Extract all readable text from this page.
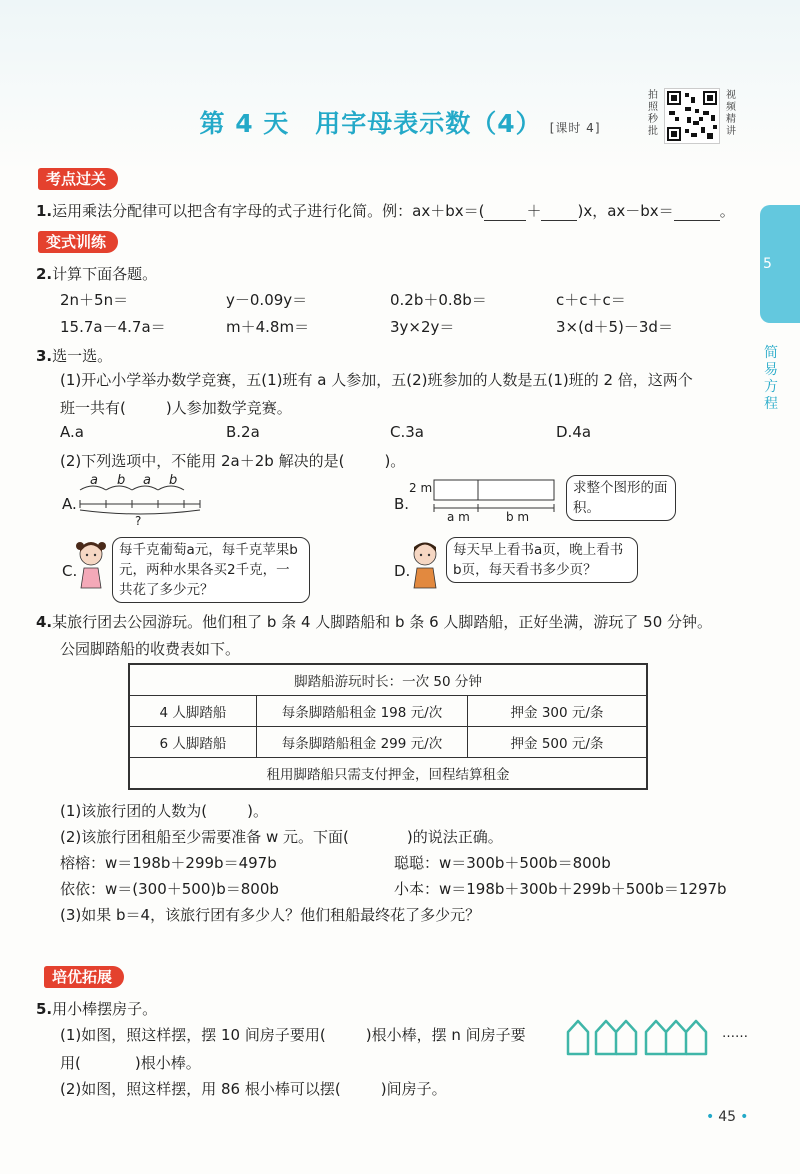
第 4 天　用字母表示数（4） [课时 4]
拍照秒批
视频精讲
5
简易方程
考点过关
1.运用乘法分配律可以把含有字母的式子进行化简。例：ax＋bx＝(	＋ )x，ax－bx＝	。
变式训练
2.计算下面各题。
2n＋5n＝	y－0.09y＝	0.2b＋0.8b＝	c＋c＋c＝
15.7a－4.7a＝	m＋4.8m＝	3y×2y＝	3×(d＋5)－3d＝
3.选一选。
(1)开心小学举办数学竞赛，五(1)班有 a 人参加，五(2)班参加的人数是五(1)班的 2 倍，这两个
班一共有(	)人参加数学竞赛。
A.a	B.2a	C.3a	D.4a
(2)下列选项中，不能用 2a＋2b 解决的是(	)。
A.
a b a b
?
B.
2 m
a m	b m
求整个图形的面积。
C.
每千克葡萄a元，每千克苹果b元，两种水果各买2千克，一共花了多少元？
D.
每天早上看书a页，晚上看书b页，每天看书多少页？
4.某旅行团去公园游玩。他们租了 b 条 4 人脚踏船和 b 条 6 人脚踏船，正好坐满，游玩了 50 分钟。
公园脚踏船的收费表如下。
脚踏船游玩时长：一次 50 分钟		
4 人脚踏船	每条脚踏船租金 198 元/次	押金 300 元/条
6 人脚踏船	每条脚踏船租金 299 元/次	押金 500 元/条
租用脚踏船只需支付押金，回程结算租金		
(1)该旅行团的人数为(	)。
(2)该旅行团租船至少需要准备 w 元。下面(	)的说法正确。
榕榕：w＝198b＋299b＝497b	聪聪：w＝300b＋500b＝800b
依依：w＝(300＋500)b＝800b	小本：w＝198b＋300b＋299b＋500b＝1297b
(3)如果 b＝4，该旅行团有多少人？他们租船最终花了多少元？
培优拓展
5.用小棒摆房子。
(1)如图，照这样摆，摆 10 间房子要用(	)根小棒，摆 n 间房子要
用(	)根小棒。
(2)如图，照这样摆，用 86 根小棒可以摆(	)间房子。
……
• 45 •
